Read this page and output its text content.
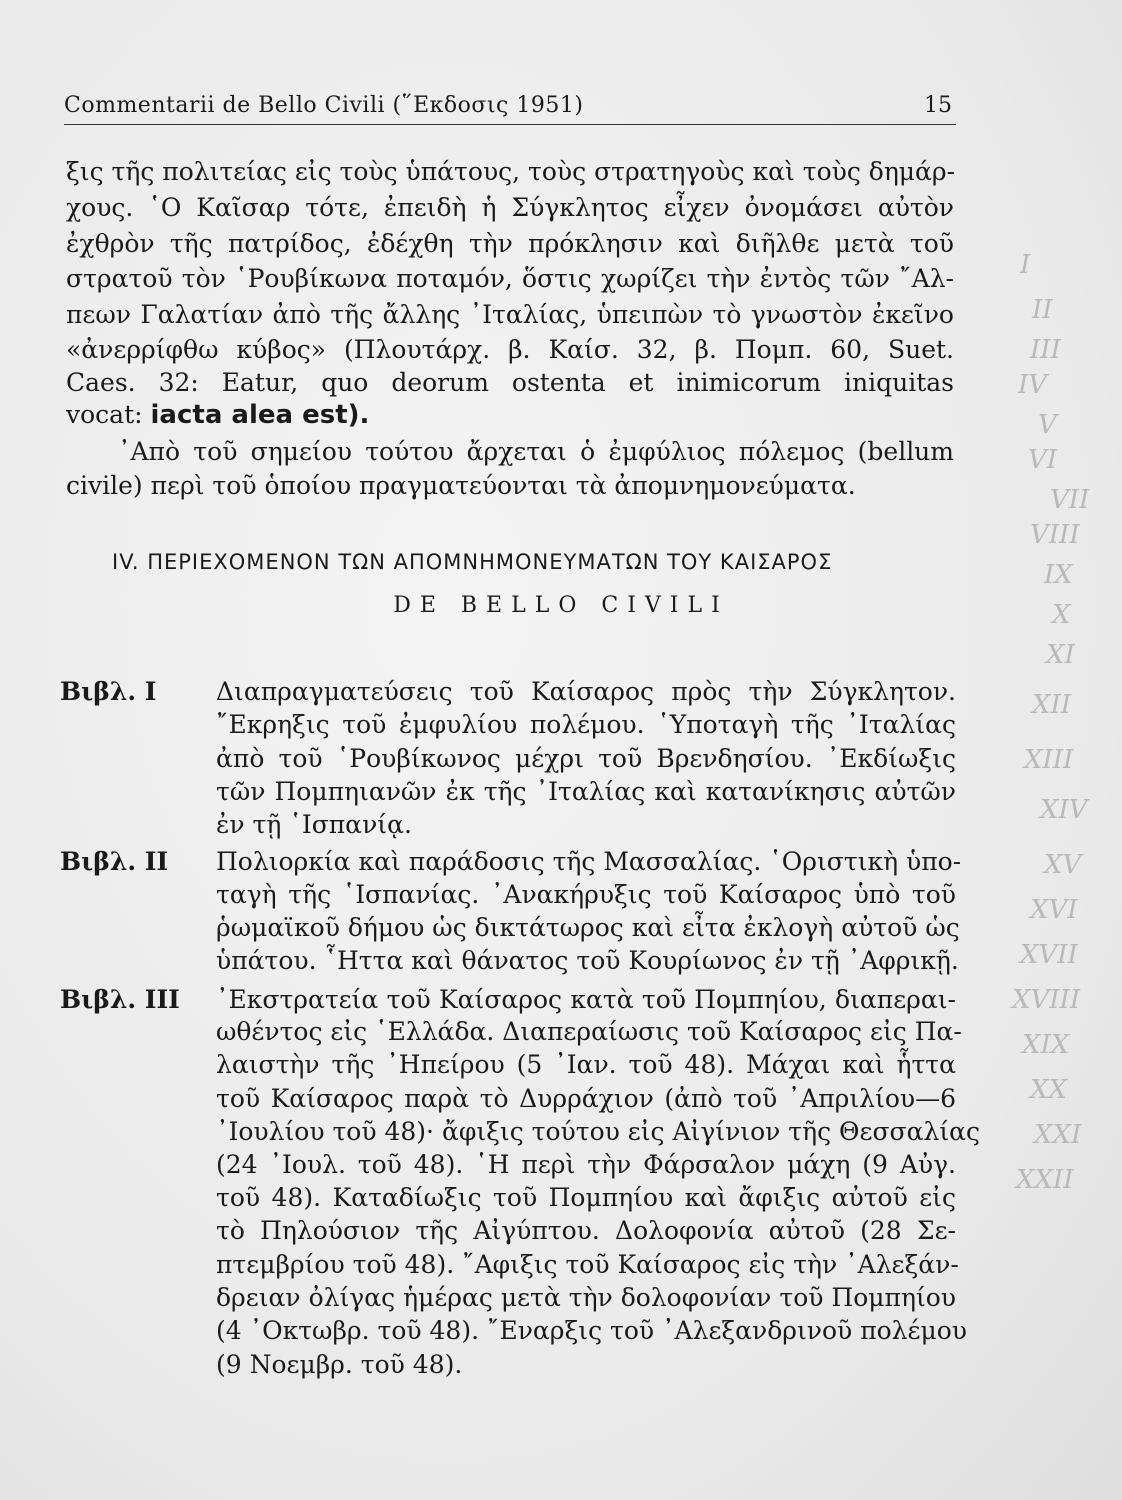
Commentarii de Bello Civili (῞Εκδοσις 1951)	15
ξις τῆς πολιτείας εἰς τοὺς ὑπάτους, τοὺς στρατηγοὺς καὶ τοὺς δημάρ-
χους. ῾Ο Καῖσαρ τότε, ἐπειδὴ ἡ Σύγκλητος εἶχεν ὀνομάσει αὐτὸν
ἐχθρὸν τῆς πατρίδος, ἐδέχθη τὴν πρόκλησιν καὶ διῆλθε μετὰ τοῦ
στρατοῦ τὸν ῾Ρουβίκωνα ποταμόν, ὅστις χωρίζει τὴν ἐντὸς τῶν ῎Αλ-
πεων Γαλατίαν ἀπὸ τῆς ἄλλης ᾿Ιταλίας, ὑπειπὼν τὸ γνωστὸν ἐκεῖνο
«ἀνερρίφθω κύβος» (Πλουτάρχ. β. Καίσ. 32, β. Πομπ. 60, Suet.
Caes. 32: Eatur, quo deorum ostenta et inimicorum iniquitas
vocat: iacta alea est).
᾿Απὸ τοῦ σημείου τούτου ἄρχεται ὁ ἐμφύλιος πόλεμος (bellum
civile) περὶ τοῦ ὁποίου πραγματεύονται τὰ ἀπομνημονεύματα.
IV. ΠΕΡΙΕΧΟΜΕΝΟΝ ΤΩΝ ΑΠΟΜΝΗΜΟΝΕΥΜΑΤΩΝ ΤΟΥ ΚΑΙΣΑΡΟΣ
DE BELLO CIVILI
Βιβλ. I Διαπραγματεύσεις τοῦ Καίσαρος πρὸς τὴν Σύγκλητον.
῎Εκρηξις τοῦ ἐμφυλίου πολέμου. ῾Υποταγὴ τῆς ᾿Ιταλίας
ἀπὸ τοῦ ῾Ρουβίκωνος μέχρι τοῦ Βρενδησίου. ᾿Εκδίωξις
τῶν Πομπηιανῶν ἐκ τῆς ᾿Ιταλίας καὶ κατανίκησις αὐτῶν
ἐν τῇ ῾Ισπανίᾳ.
Βιβλ. II Πολιορκία καὶ παράδοσις τῆς Μασσαλίας. ῾Οριστικὴ ὑπο-
ταγὴ τῆς ῾Ισπανίας. ᾿Ανακήρυξις τοῦ Καίσαρος ὑπὸ τοῦ
ῥωμαϊκοῦ δήμου ὡς δικτάτωρος καὶ εἶτα ἐκλογὴ αὐτοῦ ὡς
ὑπάτου. ῟Ηττα καὶ θάνατος τοῦ Κουρίωνος ἐν τῇ ᾿Αφρικῇ.
Βιβλ. III ᾿Εκστρατεία τοῦ Καίσαρος κατὰ τοῦ Πομπηίου, διαπεραι-
ωθέντος εἰς ῾Ελλάδα. Διαπεραίωσις τοῦ Καίσαρος εἰς Πα-
λαιστὴν τῆς ᾿Ηπείρου (5 ᾿Ιαν. τοῦ 48). Μάχαι καὶ ἧττα
τοῦ Καίσαρος παρὰ τὸ Δυρράχιον (ἀπὸ τοῦ ᾿Απριλίου—6
᾿Ιουλίου τοῦ 48)· ἄφιξις τούτου εἰς Αἰγίνιον τῆς Θεσσαλίας
(24 ᾿Ιουλ. τοῦ 48). ῾Η περὶ τὴν Φάρσαλον μάχη (9 Αὐγ.
τοῦ 48). Καταδίωξις τοῦ Πομπηίου καὶ ἄφιξις αὐτοῦ εἰς
τὸ Πηλούσιον τῆς Αἰγύπτου. Δολοφονία αὐτοῦ (28 Σε-
πτεμβρίου τοῦ 48). ῎Αφιξις τοῦ Καίσαρος εἰς τὴν ᾿Αλεξάν-
δρειαν ὀλίγας ἡμέρας μετὰ τὴν δολοφονίαν τοῦ Πομπηίου
(4 ᾿Οκτωβρ. τοῦ 48). ῎Εναρξις τοῦ ᾿Αλεξανδρινοῦ πολέμου
(9 Νοεμβρ. τοῦ 48).
I
II
III
IV
V
VI
VII
VIII
IX
X
XI
XII
XIII
XIV
XV
XVI
XVII
XVIII
XIX
XX
XXI
XXII
